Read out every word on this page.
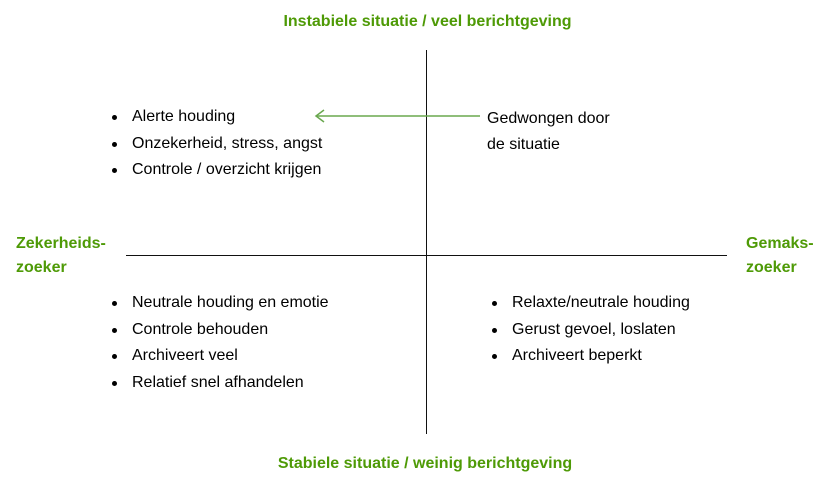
Instabiele situatie / veel berichtgeving
Stabiele situatie / weinig berichtgeving
Zekerheids-
zoeker
Gemaks-
zoeker
Alerte houding
Onzekerheid, stress, angst
Controle / overzicht krijgen
Gedwongen door
de situatie
Neutrale houding en emotie
Controle behouden
Archiveert veel
Relatief snel afhandelen
Relaxte/neutrale houding
Gerust gevoel, loslaten
Archiveert beperkt
